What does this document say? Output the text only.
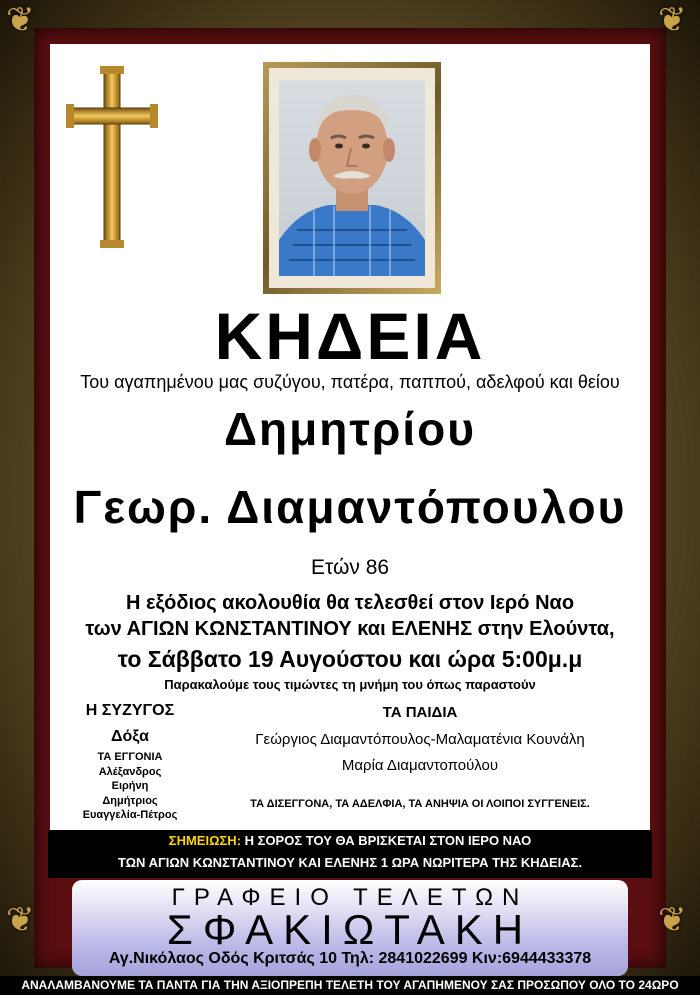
❦	❦
❦	❦
ΚΗΔΕΙΑ
Του αγαπημένου μας συζύγου, πατέρα, παππού, αδελφού και θείου
Δημητρίου
Γεωρ. Διαμαντόπουλου
Ετών 86
Η εξόδιος ακολουθία θα τελεσθεί στον Ιερό Ναο
των ΑΓΙΩΝ ΚΩΝΣΤΑΝΤΙΝΟΥ και ΕΛΕΝΗΣ στην Ελούντα,
το Σάββατο 19 Αυγούστου και ώρα 5:00μ.μ
Παρακαλούμε τους τιμώντες τη μνήμη του όπως παραστούν
Η ΣΥΖΥΓΟΣ
Δόξα
ΤΑ ΕΓΓΟΝΙΑ
Αλέξανδρος
Ειρήνη
Δημήτριος
Ευαγγελία-Πέτρος
ΤΑ ΠΑΙΔΙΑ
Γεώργιος Διαμαντόπουλος-Μαλαματένια Κουνάλη
Μαρία Διαμαντοπούλου
ΤΑ ΔΙΣΕΓΓΟΝΑ, ΤΑ ΑΔΕΛΦΙΑ, ΤΑ ΑΝΗΨΙΑ ΟΙ ΛΟΙΠΟΙ ΣΥΓΓΕΝΕΙΣ.
ΣΗΜΕΙΩΣΗ: Η ΣΟΡΟΣ ΤΟΥ ΘΑ ΒΡΙΣΚΕΤΑΙ ΣΤΟΝ ΙΕΡΟ ΝΑΟ
ΤΩΝ ΑΓΙΩΝ ΚΩΝΣΤΑΝΤΙΝΟΥ ΚΑΙ ΕΛΕΝΗΣ 1 ΩΡΑ ΝΩΡΙΤΕΡΑ ΤΗΣ ΚΗΔΕΙΑΣ.
ΓΡΑΦΕΙΟ ΤΕΛΕΤΩΝ
ΣΦΑΚΙΩΤΑΚΗ
Αγ.Νικόλαος Οδός Κριτσάς 10 Τηλ: 2841022699 Κιν:6944433378
ΑΝΑΛΑΜΒΑΝΟΥΜΕ ΤΑ ΠΑΝΤΑ ΓΙΑ ΤΗΝ ΑΞΙΟΠΡΕΠΗ ΤΕΛΕΤΗ ΤΟΥ ΑΓΑΠΗΜΕΝΟΥ ΣΑΣ ΠΡΟΣΩΠΟΥ ΟΛΟ ΤΟ 24ΩΡΟ
